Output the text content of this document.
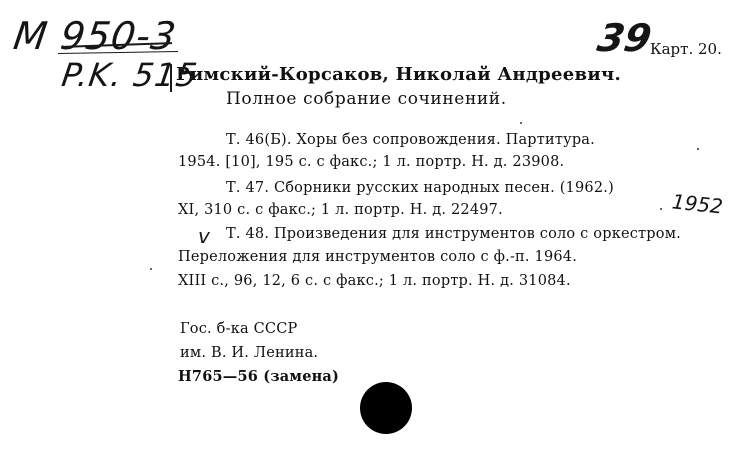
M 950-3
P.K. 515
39
Карт. 20.
Римский-Корсаков, Николай Андреевич.
Полное собрание сочинений.
Т. 46(Б). Хоры без сопровождения. Партитура.
1954. [10], 195 с. с факс.; 1 л. портр. Н. д. 23908.
Т. 47. Сборники русских народных песен. (1962.)
XI, 310 с. с факс.; 1 л. портр. Н. д. 22497.	1952
v Т. 48. Произведения для инструментов соло с оркестром.
Переложения для инструментов соло с ф.-п. 1964.
XIII с., 96, 12, 6 с. с факс.; 1 л. портр. Н. д. 31084.
Гос. б-ка СССР
им. В. И. Ленина.
Н765—56 (замена)
